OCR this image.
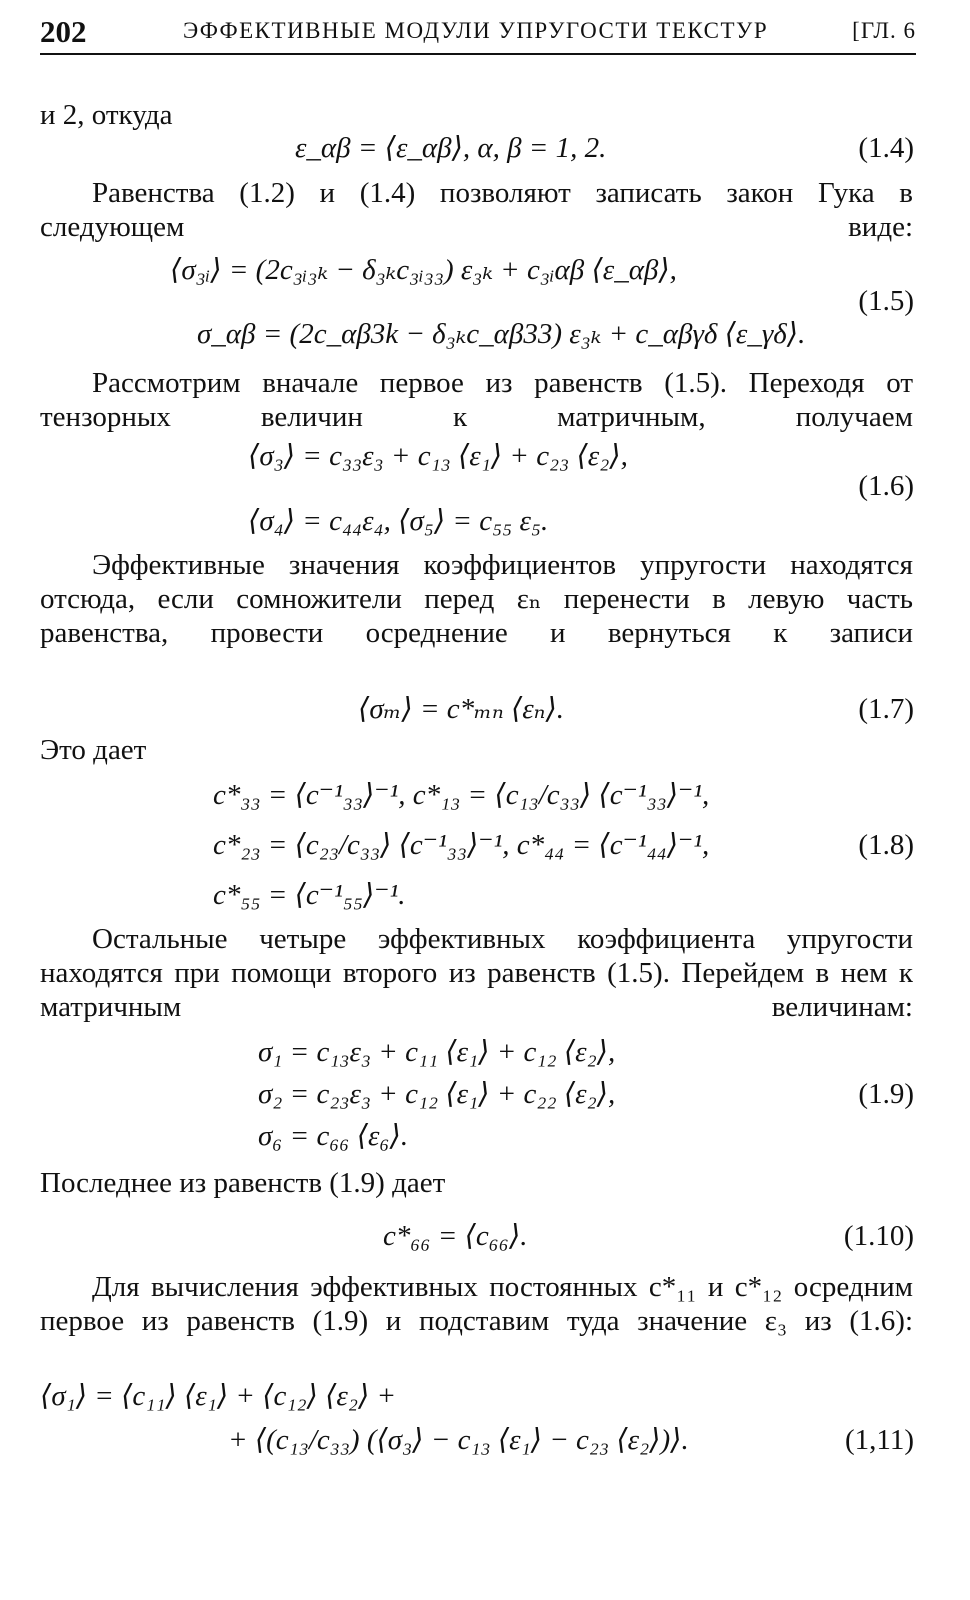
202	ЭФФЕКТИВНЫЕ МОДУЛИ УПРУГОСТИ ТЕКСТУР	[ГЛ. 6

и 2, откуда

ε_αβ = ⟨ε_αβ⟩, α, β = 1, 2.	(1.4)

Равенства (1.2) и (1.4) позволяют записать закон Гука в следующем виде:

⟨σ₃ᵢ⟩ = (2c₃ᵢ₃ₖ − δ₃ₖc₃ᵢ₃₃) ε₃ₖ + c₃ᵢαβ ⟨ε_αβ⟩,
(1.5)
σ_αβ = (2c_αβ3k − δ₃ₖc_αβ33) ε₃ₖ + c_αβγδ ⟨ε_γδ⟩.

Рассмотрим вначале первое из равенств (1.5). Переходя от тензорных величин к матричным, получаем

⟨σ₃⟩ = c₃₃ε₃ + c₁₃ ⟨ε₁⟩ + c₂₃ ⟨ε₂⟩,
(1.6)
⟨σ₄⟩ = c₄₄ε₄, ⟨σ₅⟩ = c₅₅ ε₅.

Эффективные значения коэффициентов упругости находятся отсюда, если сомножители перед εₙ перенести в левую часть равенства, провести осреднение и вернуться к записи

⟨σₘ⟩ = c*ₘₙ ⟨εₙ⟩.	(1.7)

Это дает

c*₃₃ = ⟨c⁻¹₃₃⟩⁻¹, c*₁₃ = ⟨c₁₃/c₃₃⟩ ⟨c⁻¹₃₃⟩⁻¹,
c*₂₃ = ⟨c₂₃/c₃₃⟩ ⟨c⁻¹₃₃⟩⁻¹, c*₄₄ = ⟨c⁻¹₄₄⟩⁻¹,	(1.8)
c*₅₅ = ⟨c⁻¹₅₅⟩⁻¹.

Остальные четыре эффективных коэффициента упругости находятся при помощи второго из равенств (1.5). Перейдем в нем к матричным величинам:

σ₁ = c₁₃ε₃ + c₁₁ ⟨ε₁⟩ + c₁₂ ⟨ε₂⟩,
σ₂ = c₂₃ε₃ + c₁₂ ⟨ε₁⟩ + c₂₂ ⟨ε₂⟩,	(1.9)
σ₆ = c₆₆ ⟨ε₆⟩.

Последнее из равенств (1.9) дает

c*₆₆ = ⟨c₆₆⟩.	(1.10)

Для вычисления эффективных постоянных c*₁₁ и c*₁₂ осредним первое из равенств (1.9) и подставим туда значение ε₃ из (1.6):

⟨σ₁⟩ = ⟨c₁₁⟩ ⟨ε₁⟩ + ⟨c₁₂⟩ ⟨ε₂⟩ +
+ ⟨(c₁₃/c₃₃) (⟨σ₃⟩ − c₁₃ ⟨ε₁⟩ − c₂₃ ⟨ε₂⟩)⟩.	(1,11)
